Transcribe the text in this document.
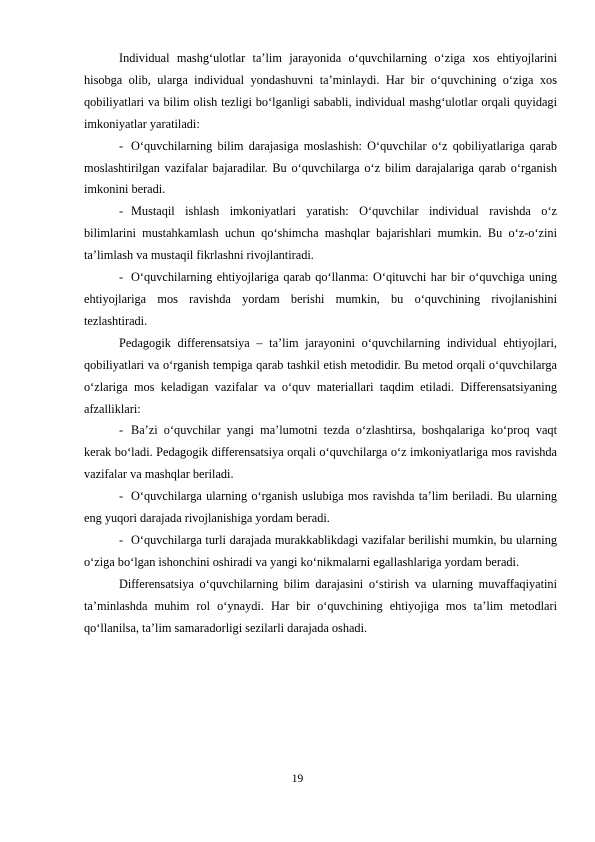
Individual mashg‘ulotlar ta’lim jarayonida o‘quvchilarning o‘ziga xos ehtiyojlarini hisobga olib, ularga individual yondashuvni ta’minlaydi. Har bir o‘quvchining o‘ziga xos qobiliyatlari va bilim olish tezligi bo‘lganligi sababli, individual mashg‘ulotlar orqali quyidagi imkoniyatlar yaratiladi:

- O‘quvchilarning bilim darajasiga moslashish: O‘quvchilar o‘z qobiliyatlariga qarab moslashtirilgan vazifalar bajaradilar. Bu o‘quvchilarga o‘z bilim darajalariga qarab o‘rganish imkonini beradi.

- Mustaqil ishlash imkoniyatlari yaratish: O‘quvchilar individual ravishda o‘z bilimlarini mustahkamlash uchun qo‘shimcha mashqlar bajarishlari mumkin. Bu o‘z-o‘zini ta’limlash va mustaqil fikrlashni rivojlantiradi.

- O‘quvchilarning ehtiyojlariga qarab qo‘llanma: O‘qituvchi har bir o‘quvchiga uning ehtiyojlariga mos ravishda yordam berishi mumkin, bu o‘quvchining rivojlanishini tezlashtiradi.

Pedagogik differensatsiya – ta’lim jarayonini o‘quvchilarning individual ehtiyojlari, qobiliyatlari va o‘rganish tempiga qarab tashkil etish metodidir. Bu metod orqali o‘quvchilarga o‘zlariga mos keladigan vazifalar va o‘quv materiallari taqdim etiladi. Differensatsiyaning afzalliklari:

- Ba’zi o‘quvchilar yangi ma’lumotni tezda o‘zlashtirsa, boshqalariga ko‘proq vaqt kerak bo‘ladi. Pedagogik differensatsiya orqali o‘quvchilarga o‘z imkoniyatlariga mos ravishda vazifalar va mashqlar beriladi.

- O‘quvchilarga ularning o‘rganish uslubiga mos ravishda ta’lim beriladi. Bu ularning eng yuqori darajada rivojlanishiga yordam beradi.

- O‘quvchilarga turli darajada murakkablikdagi vazifalar berilishi mumkin, bu ularning o‘ziga bo‘lgan ishonchini oshiradi va yangi ko‘nikmalarni egallashlariga yordam beradi.

Differensatsiya o‘quvchilarning bilim darajasini o‘stirish va ularning muvaffaqiyatini ta’minlashda muhim rol o‘ynaydi. Har bir o‘quvchining ehtiyojiga mos ta’lim metodlari qo‘llanilsa, ta’lim samaradorligi sezilarli darajada oshadi.

19
